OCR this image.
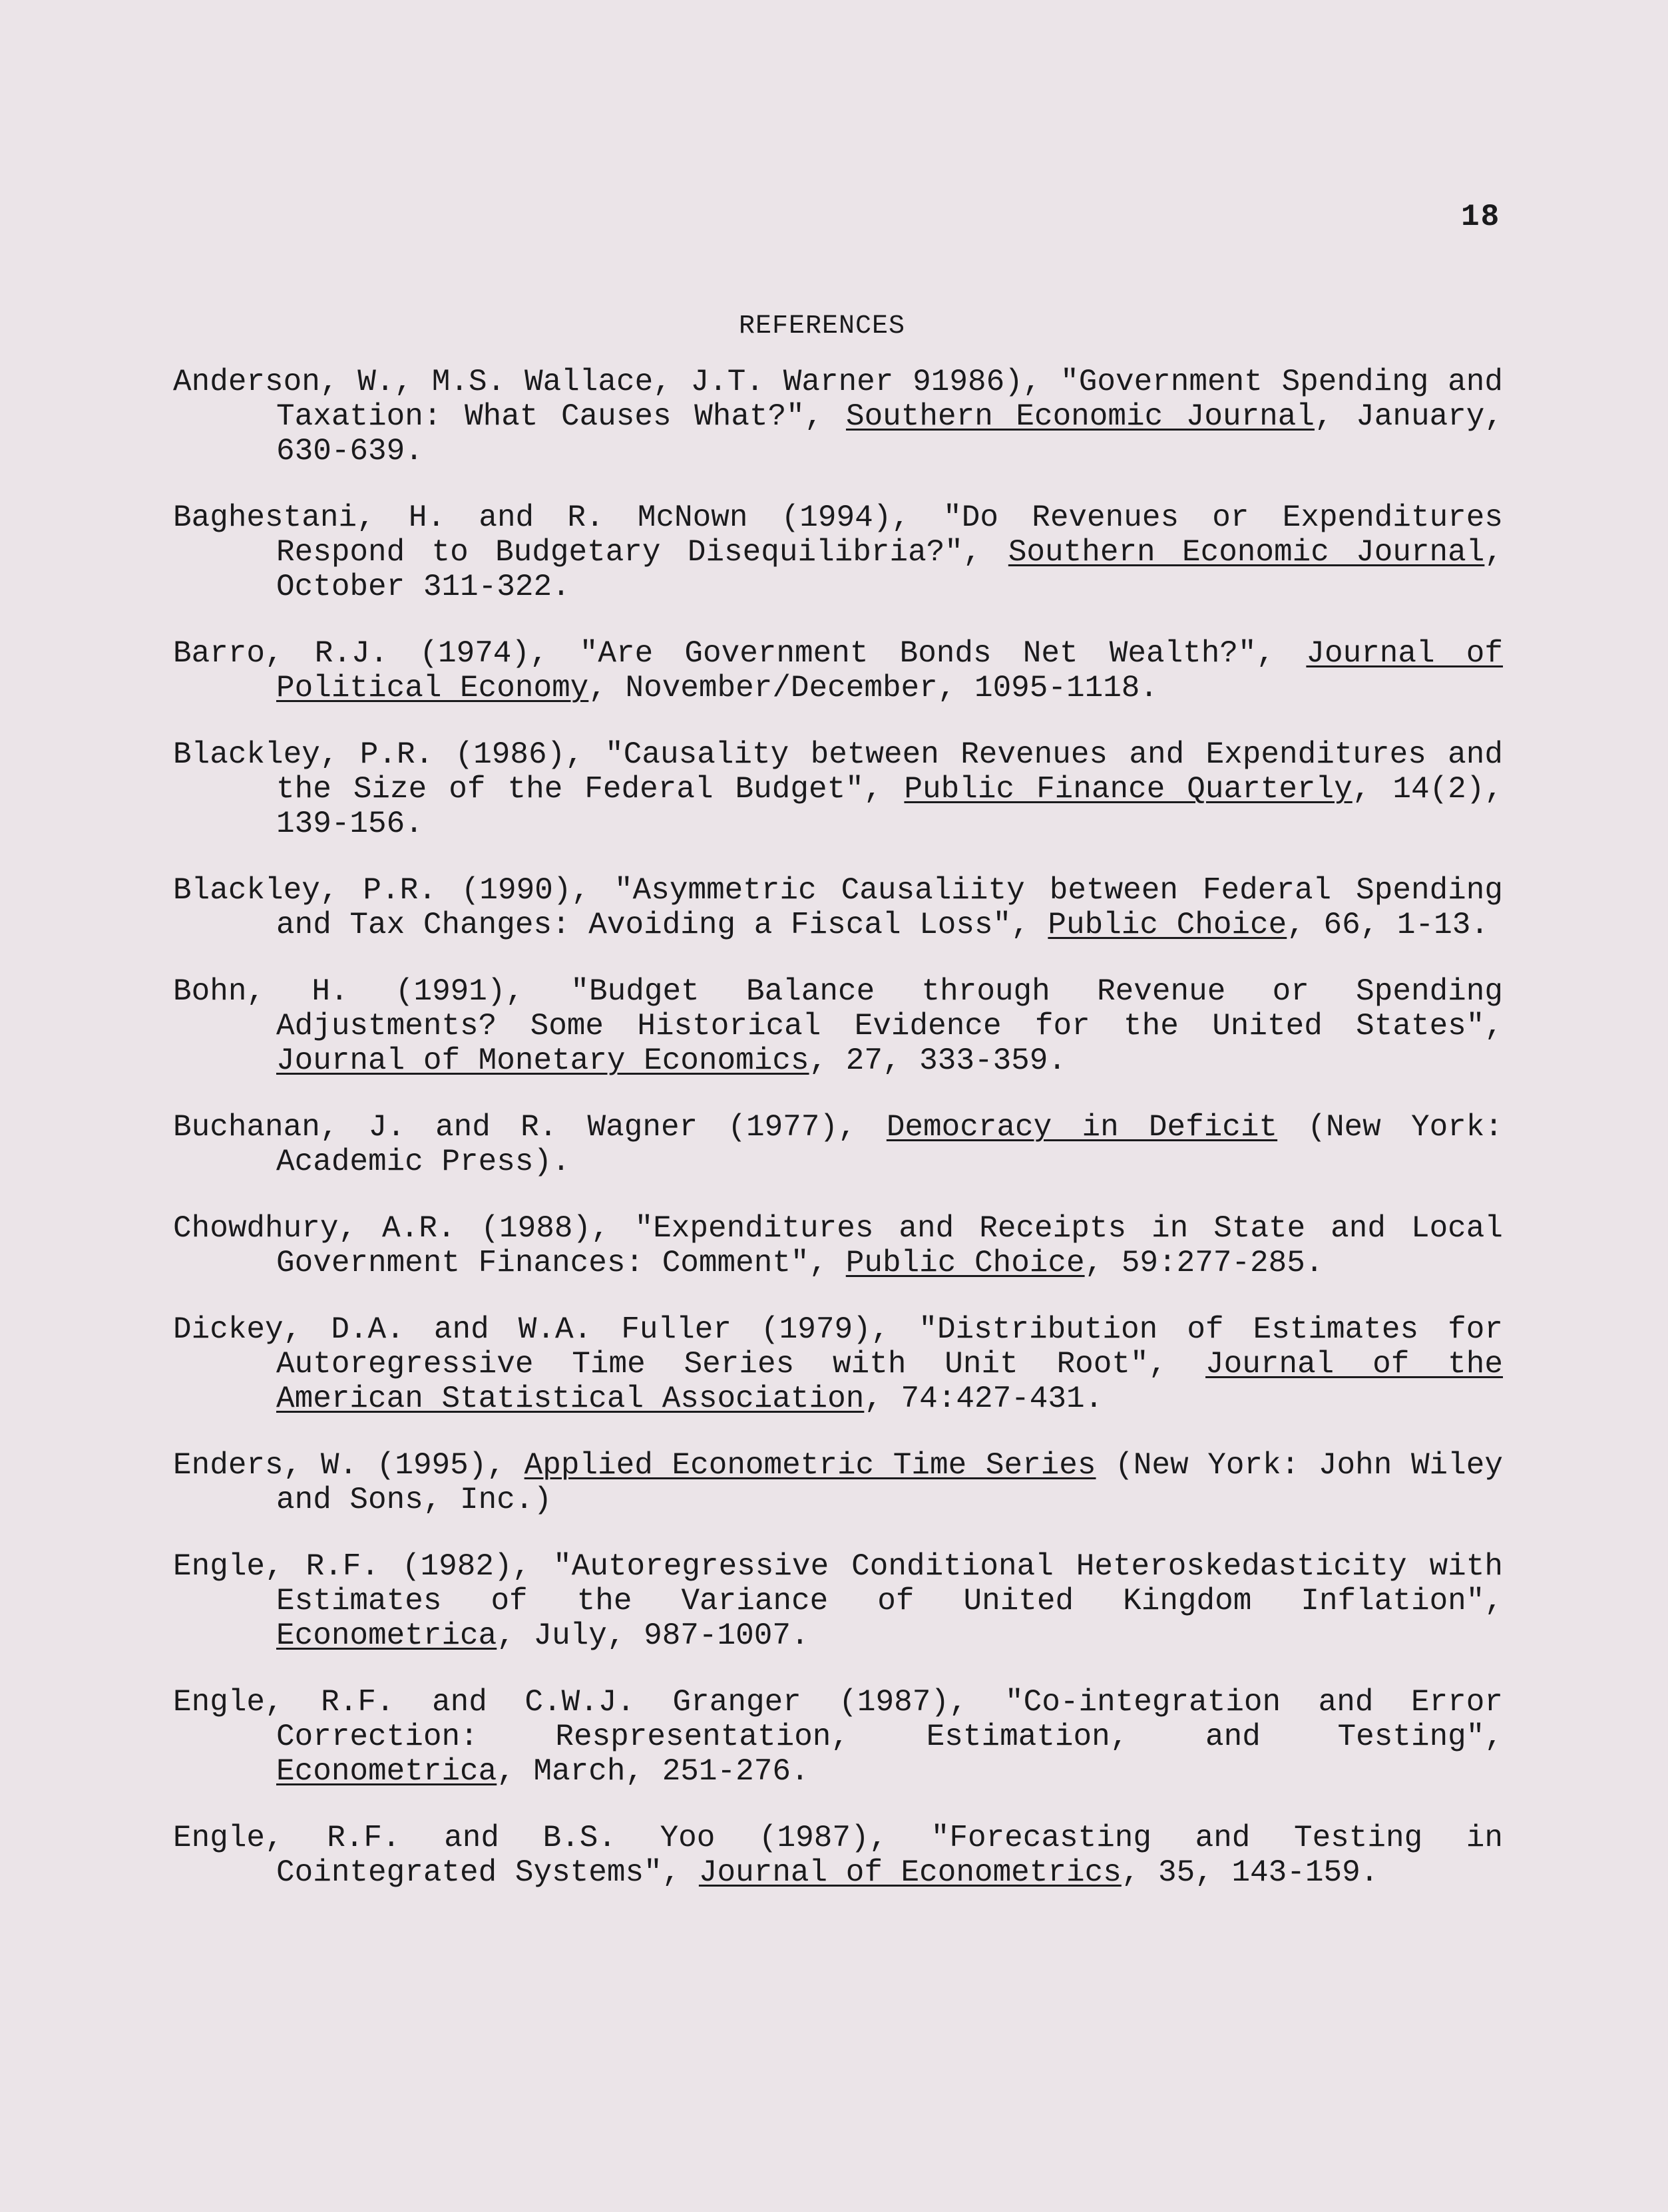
18
REFERENCES
Anderson, W., M.S. Wallace, J.T. Warner 91986), "Government Spending and Taxation: What Causes What?", Southern Economic Journal, January, 630-639.
Baghestani, H. and R. McNown (1994), "Do Revenues or Expenditures Respond to Budgetary Disequilibria?", Southern Economic Journal, October 311-322.
Barro, R.J. (1974), "Are Government Bonds Net Wealth?", Journal of Political Economy, November/December, 1095-1118.
Blackley, P.R. (1986), "Causality between Revenues and Expenditures and the Size of the Federal Budget", Public Finance Quarterly, 14(2), 139-156.
Blackley, P.R. (1990), "Asymmetric Causaliity between Federal Spending and Tax Changes: Avoiding a Fiscal Loss", Public Choice, 66, 1-13.
Bohn, H. (1991), "Budget Balance through Revenue or Spending Adjustments? Some Historical Evidence for the United States", Journal of Monetary Economics, 27, 333-359.
Buchanan, J. and R. Wagner (1977), Democracy in Deficit (New York: Academic Press).
Chowdhury, A.R. (1988), "Expenditures and Receipts in State and Local Government Finances: Comment", Public Choice, 59:277-285.
Dickey, D.A. and W.A. Fuller (1979), "Distribution of Estimates for Autoregressive Time Series with Unit Root", Journal of the American Statistical Association, 74:427-431.
Enders, W. (1995), Applied Econometric Time Series (New York: John Wiley and Sons, Inc.)
Engle, R.F. (1982), "Autoregressive Conditional Heteroskedasticity with Estimates of the Variance of United Kingdom Inflation", Econometrica, July, 987-1007.
Engle, R.F. and C.W.J. Granger (1987), "Co-integration and Error Correction: Respresentation, Estimation, and Testing", Econometrica, March, 251-276.
Engle, R.F. and B.S. Yoo (1987), "Forecasting and Testing in Cointegrated Systems", Journal of Econometrics, 35, 143-159.
